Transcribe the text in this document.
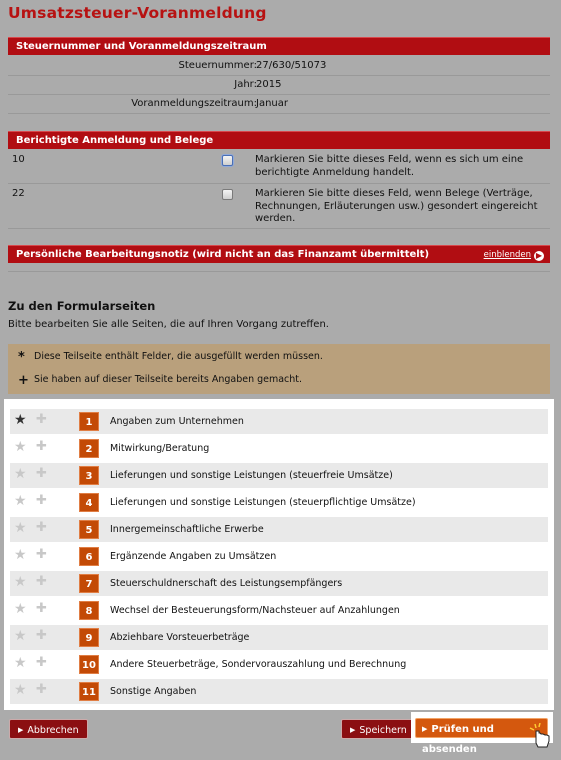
Umsatzsteuer-Voranmeldung
Steuernummer und Voranmeldungszeitraum
Steuernummer: 27/630/51073
Jahr: 2015
Voranmeldungszeitraum: Januar
Berichtigte Anmeldung und Belege
10	Markieren Sie bitte dieses Feld, wenn es sich um eine berichtigte Anmeldung handelt.
22	Markieren Sie bitte dieses Feld, wenn Belege (Verträge, Rechnungen, Erläuterungen usw.) gesondert eingereicht werden.
Persönliche Bearbeitungsnotiz (wird nicht an das Finanzamt übermittelt)	einblenden ▶
Zu den Formularseiten
Bitte bearbeiten Sie alle Seiten, die auf Ihren Vorgang zutreffen.
* Diese Teilseite enthält Felder, die ausgefüllt werden müssen.
+ Sie haben auf dieser Teilseite bereits Angaben gemacht.
★ ✚	1	Angaben zum Unternehmen
★ ✚	2	Mitwirkung/Beratung
★ ✚	3	Lieferungen und sonstige Leistungen (steuerfreie Umsätze)
★ ✚	4	Lieferungen und sonstige Leistungen (steuerpflichtige Umsätze)
★ ✚	5	Innergemeinschaftliche Erwerbe
★ ✚	6	Ergänzende Angaben zu Umsätzen
★ ✚	7	Steuerschuldnerschaft des Leistungsempfängers
★ ✚	8	Wechsel der Besteuerungsform/Nachsteuer auf Anzahlungen
★ ✚	9	Abziehbare Vorsteuerbeträge
★ ✚	10	Andere Steuerbeträge, Sondervorauszahlung und Berechnung
★ ✚	11	Sonstige Angaben
▶ Abbrechen	▶ Speichern	▶ Prüfen und absenden
